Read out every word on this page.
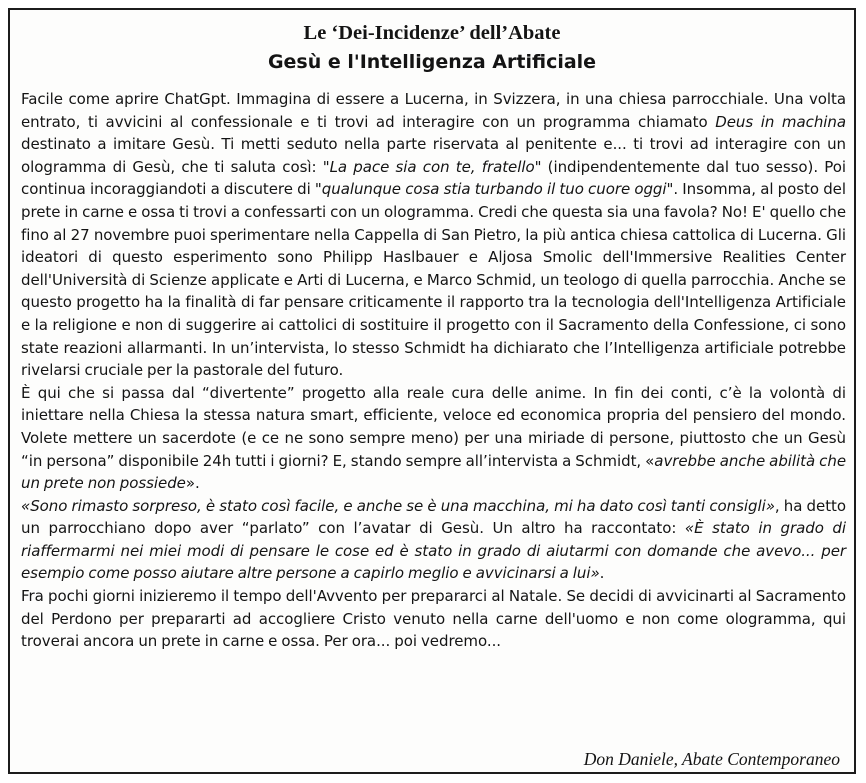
Le ‘Dei-Incidenze’ dell’Abate
Gesù e l'Intelligenza Artificiale

Facile come aprire ChatGpt. Immagina di essere a Lucerna, in Svizzera, in una chiesa parrocchiale. Una volta entrato, ti avvicini al confessionale e ti trovi ad interagire con un programma chiamato Deus in machina destinato a imitare Gesù. Ti metti seduto nella parte riservata al penitente e... ti trovi ad interagire con un ologramma di Gesù, che ti saluta così: "La pace sia con te, fratello" (indipendentemente dal tuo sesso). Poi continua incoraggiandoti a discutere di "qualunque cosa stia turbando il tuo cuore oggi". Insomma, al posto del prete in carne e ossa ti trovi a confessarti con un ologramma. Credi che questa sia una favola? No! E' quello che fino al 27 novembre puoi sperimentare nella Cappella di San Pietro, la più antica chiesa cattolica di Lucerna. Gli ideatori di questo esperimento sono Philipp Haslbauer e Aljosa Smolic dell'Immersive Realities Center dell'Università di Scienze applicate e Arti di Lucerna, e Marco Schmid, un teologo di quella parrocchia. Anche se questo progetto ha la finalità di far pensare criticamente il rapporto tra la tecnologia dell'Intelligenza Artificiale e la religione e non di suggerire ai cattolici di sostituire il progetto con il Sacramento della Confessione, ci sono state reazioni allarmanti. In un’intervista, lo stesso Schmidt ha dichiarato che l’Intelligenza artificiale potrebbe rivelarsi cruciale per la pastorale del futuro.

È qui che si passa dal “divertente” progetto alla reale cura delle anime. In fin dei conti, c’è la volontà di iniettare nella Chiesa la stessa natura smart, efficiente, veloce ed economica propria del pensiero del mondo. Volete mettere un sacerdote (e ce ne sono sempre meno) per una miriade di persone, piuttosto che un Gesù “in persona” disponibile 24h tutti i giorni? E, stando sempre all’intervista a Schmidt, «avrebbe anche abilità che un prete non possiede».

«Sono rimasto sorpreso, è stato così facile, e anche se è una macchina, mi ha dato così tanti consigli», ha detto un parrocchiano dopo aver “parlato” con l’avatar di Gesù. Un altro ha raccontato: «È stato in grado di riaffermarmi nei miei modi di pensare le cose ed è stato in grado di aiutarmi con domande che avevo... per esempio come posso aiutare altre persone a capirlo meglio e avvicinarsi a lui».

Fra pochi giorni inizieremo il tempo dell'Avvento per prepararci al Natale. Se decidi di avvicinarti al Sacramento del Perdono per prepararti ad accogliere Cristo venuto nella carne dell'uomo e non come ologramma, qui troverai ancora un prete in carne e ossa. Per ora... poi vedremo...

Don Daniele, Abate Contemporaneo
